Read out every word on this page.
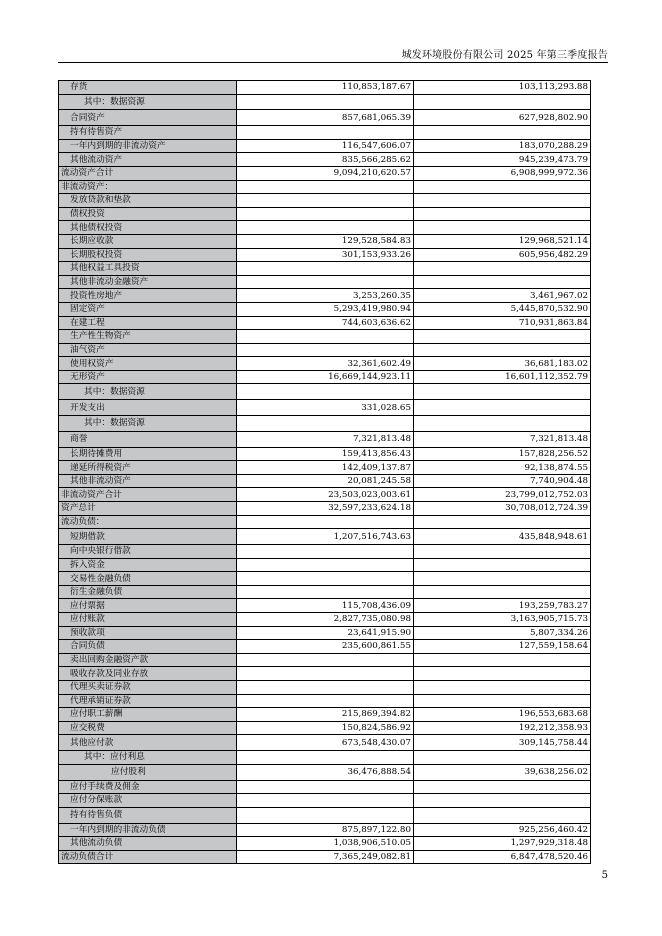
城发环境股份有限公司 2025 年第三季度报告
存货	110,853,187.67	103,113,293.88
其中：数据资源		
合同资产	857,681,065.39	627,928,802.90
持有待售资产		
一年内到期的非流动资产	116,547,606.07	183,070,288.29
其他流动资产	835,566,285.62	945,239,473.79
流动资产合计	9,094,210,620.57	6,908,999,972.36
非流动资产：		
发放贷款和垫款		
债权投资		
其他债权投资		
长期应收款	129,528,584.83	129,968,521.14
长期股权投资	301,153,933.26	605,956,482.29
其他权益工具投资		
其他非流动金融资产		
投资性房地产	3,253,260.35	3,461,967.02
固定资产	5,293,419,980.94	5,445,870,532.90
在建工程	744,603,636.62	710,931,863.84
生产性生物资产		
油气资产		
使用权资产	32,361,602.49	36,681,183.02
无形资产	16,669,144,923.11	16,601,112,352.79
其中：数据资源		
开发支出	331,028.65	
其中：数据资源		
商誉	7,321,813.48	7,321,813.48
长期待摊费用	159,413,856.43	157,828,256.52
递延所得税资产	142,409,137.87	92,138,874.55
其他非流动资产	20,081,245.58	7,740,904.48
非流动资产合计	23,503,023,003.61	23,799,012,752.03
资产总计	32,597,233,624.18	30,708,012,724.39
流动负债：		
短期借款	1,207,516,743.63	435,848,948.61
向中央银行借款		
拆入资金		
交易性金融负债		
衍生金融负债		
应付票据	115,708,436.09	193,259,783.27
应付账款	2,827,735,080.98	3,163,905,715.73
预收款项	23,641,915.90	5,807,334.26
合同负债	235,600,861.55	127,559,158.64
卖出回购金融资产款		
吸收存款及同业存放		
代理买卖证券款		
代理承销证券款		
应付职工薪酬	215,869,394.82	196,553,683.68
应交税费	150,824,586.92	192,212,358.93
其他应付款	673,548,430.07	309,145,758.44
其中：应付利息		
应付股利	36,476,888.54	39,638,256.02
应付手续费及佣金		
应付分保账款		
持有待售负债		
一年内到期的非流动负债	875,897,122.80	925,256,460.42
其他流动负债	1,038,906,510.05	1,297,929,318.48
流动负债合计	7,365,249,082.81	6,847,478,520.46
5
